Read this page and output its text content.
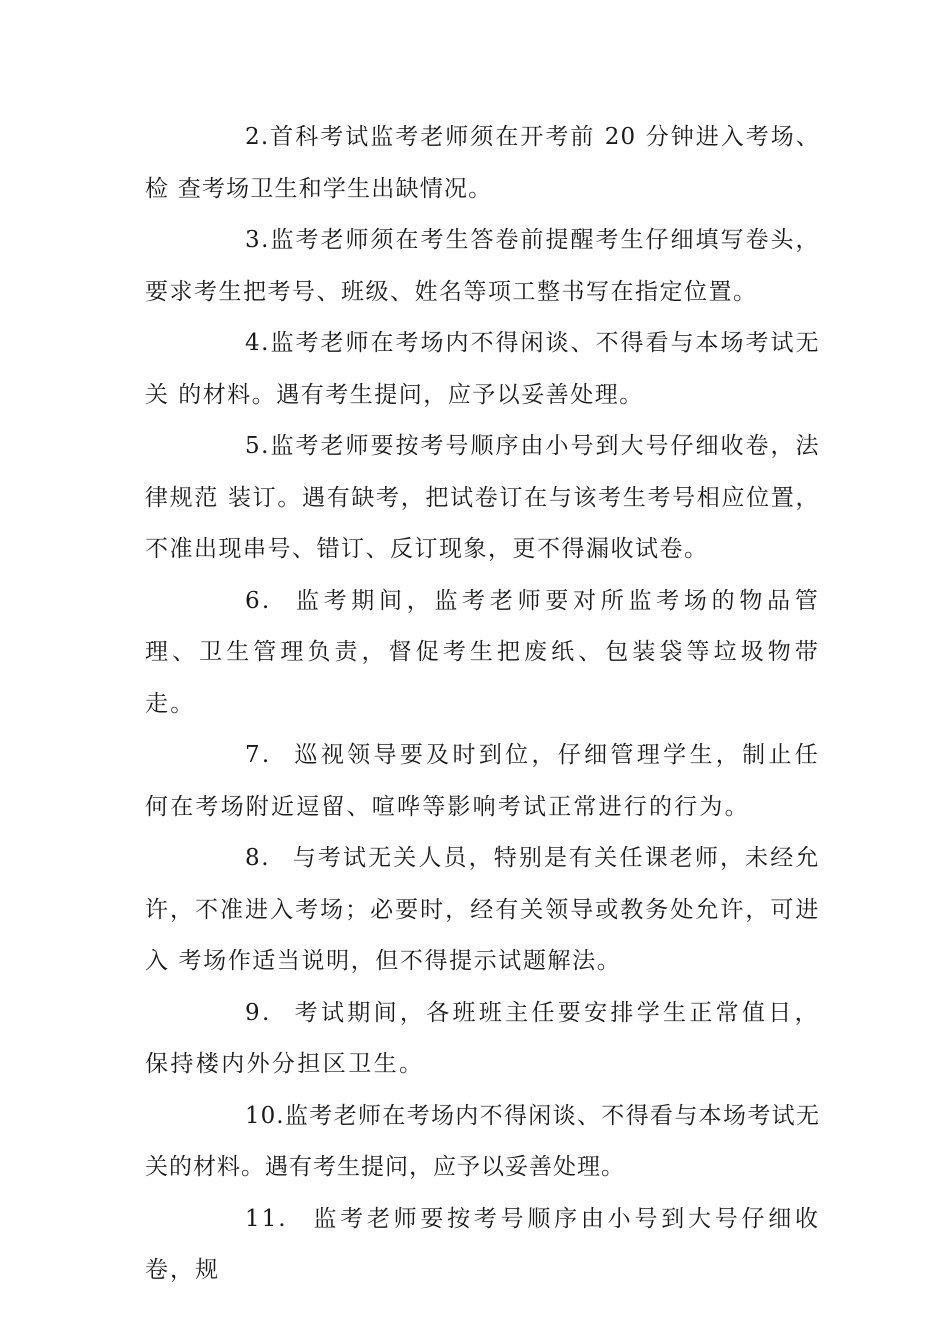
2.首科考试监考老师须在开考前 20 分钟进入考场、检 查考场卫生和学生出缺情况。

3.监考老师须在考生答卷前提醒考生仔细填写卷头，要求考生把考号、班级、姓名等项工整书写在指定位置。

4.监考老师在考场内不得闲谈、不得看与本场考试无关 的材料。遇有考生提问，应予以妥善处理。

5.监考老师要按考号顺序由小号到大号仔细收卷，法律规范 装订。遇有缺考，把试卷订在与该考生考号相应位置，不准出现串号、错订、反订现象，更不得漏收试卷。

6. 监考期间，监考老师要对所监考场的物品管理、卫生管理负责，督促考生把废纸、包装袋等垃圾物带走。

7. 巡视领导要及时到位，仔细管理学生，制止任何在考场附近逗留、喧哗等影响考试正常进行的行为。

8. 与考试无关人员，特别是有关任课老师，未经允许，不准进入考场；必要时，经有关领导或教务处允许，可进入 考场作适当说明，但不得提示试题解法。

9. 考试期间，各班班主任要安排学生正常值日，保持楼内外分担区卫生。

10.监考老师在考场内不得闲谈、不得看与本场考试无 关的材料。遇有考生提问，应予以妥善处理。

11. 监考老师要按考号顺序由小号到大号仔细收卷，规
